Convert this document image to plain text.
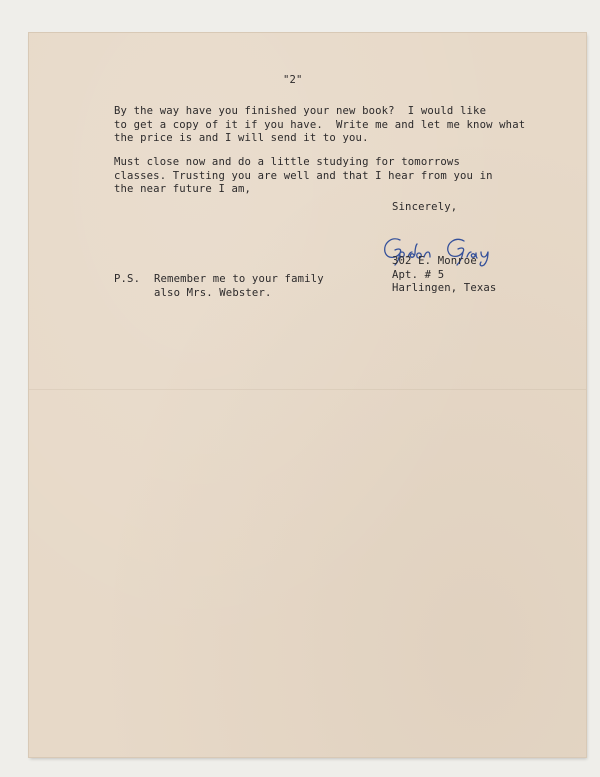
"2"
By the way have you finished your new book?  I would like
to get a copy of it if you have.  Write me and let me know what
the price is and I will send it to you.
Must close now and do a little studying for tomorrows
classes. Trusting you are well and that I hear from you in
the near future I am,
Sincerely,
302 E. Monroe
Apt. # 5
Harlingen, Texas
P.S. Remember me to your family
also Mrs. Webster.
